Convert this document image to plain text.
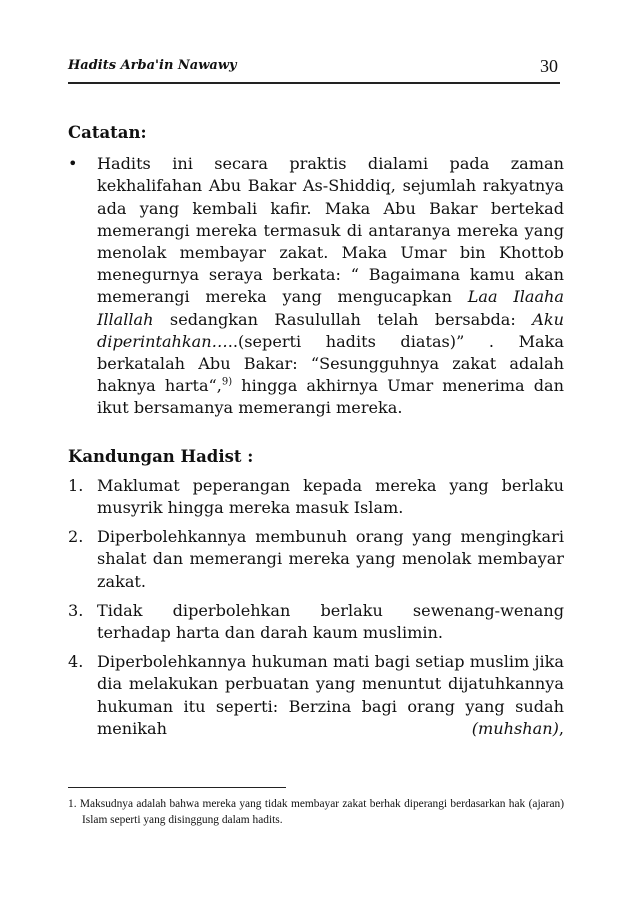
Hadits Arba'in Nawawy	30
Catatan:
• Hadits ini secara praktis dialami pada zaman kekhalifahan Abu Bakar As-Shiddiq, sejumlah rakyatnya ada yang kembali kafir. Maka Abu Bakar bertekad memerangi mereka termasuk di antaranya mereka yang menolak membayar zakat. Maka Umar bin Khottob menegurnya seraya berkata: “ Bagaimana kamu akan memerangi mereka yang mengucapkan Laa Ilaaha Illallah sedangkan Rasulullah telah bersabda: Aku diperintahkan…..(seperti hadits diatas)” . Maka berkatalah Abu Bakar: “Sesungguhnya zakat adalah haknya harta“,$^{9)}$ hingga akhirnya Umar menerima dan ikut bersamanya memerangi mereka.
Kandungan Hadist :
1. Maklumat peperangan kepada mereka yang berlaku musyrik hingga mereka masuk Islam.
2. Diperbolehkannya membunuh orang yang mengingkari shalat dan memerangi mereka yang menolak membayar zakat.
3. Tidak diperbolehkan berlaku sewenang-wenang terhadap harta dan darah kaum muslimin.
4. Diperbolehkannya hukuman mati bagi setiap muslim jika dia melakukan perbuatan yang menuntut dijatuhkannya hukuman itu seperti: Berzina bagi orang yang sudah menikah (muhshan),
1. Maksudnya adalah bahwa mereka yang tidak membayar zakat berhak diperangi berdasarkan hak (ajaran) Islam seperti yang disinggung dalam hadits.
